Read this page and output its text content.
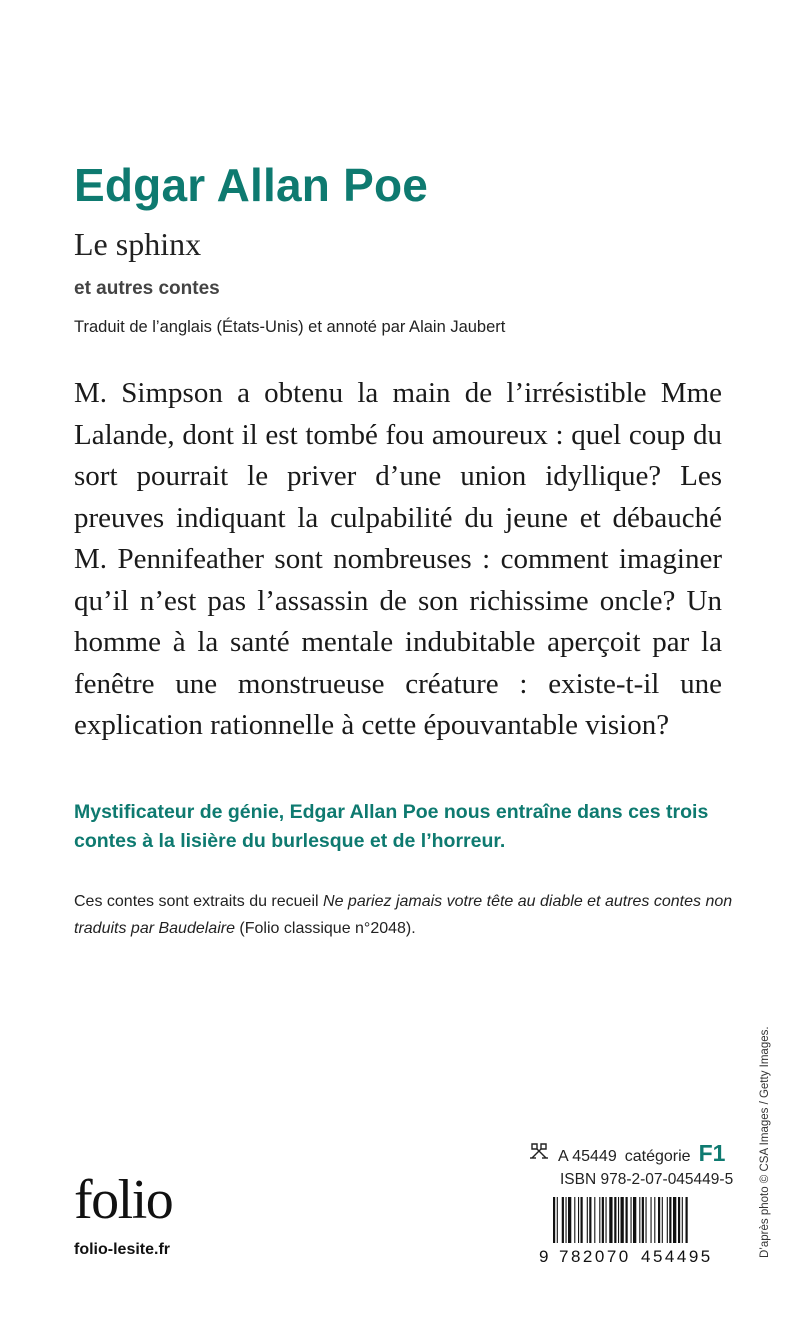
Edgar Allan Poe
Le sphinx
et autres contes
Traduit de l’anglais (États-Unis) et annoté par Alain Jaubert

M. Simpson a obtenu la main de l’irrésistible Mme Lalande, dont il est tombé fou amoureux : quel coup du sort pourrait le priver d’une union idyllique? Les preuves indiquant la culpabilité du jeune et débauché M. Pennifeather sont nombreuses : comment imaginer qu’il n’est pas l’assassin de son richissime oncle? Un homme à la santé mentale indubitable aperçoit par la fenêtre une monstrueuse créature : existe-t-il une explication rationnelle à cette épouvantable vision?

Mystificateur de génie, Edgar Allan Poe nous entraîne dans ces trois contes à la lisière du burlesque et de l’horreur.

Ces contes sont extraits du recueil Ne pariez jamais votre tête au diable et autres contes non traduits par Baudelaire (Folio classique n°2048).

folio
folio-lesite.fr
A 45449 catégorie F1
ISBN 978-2-07-045449-5
9 782070 454495	D’après photo © CSA Images / Getty Images.
